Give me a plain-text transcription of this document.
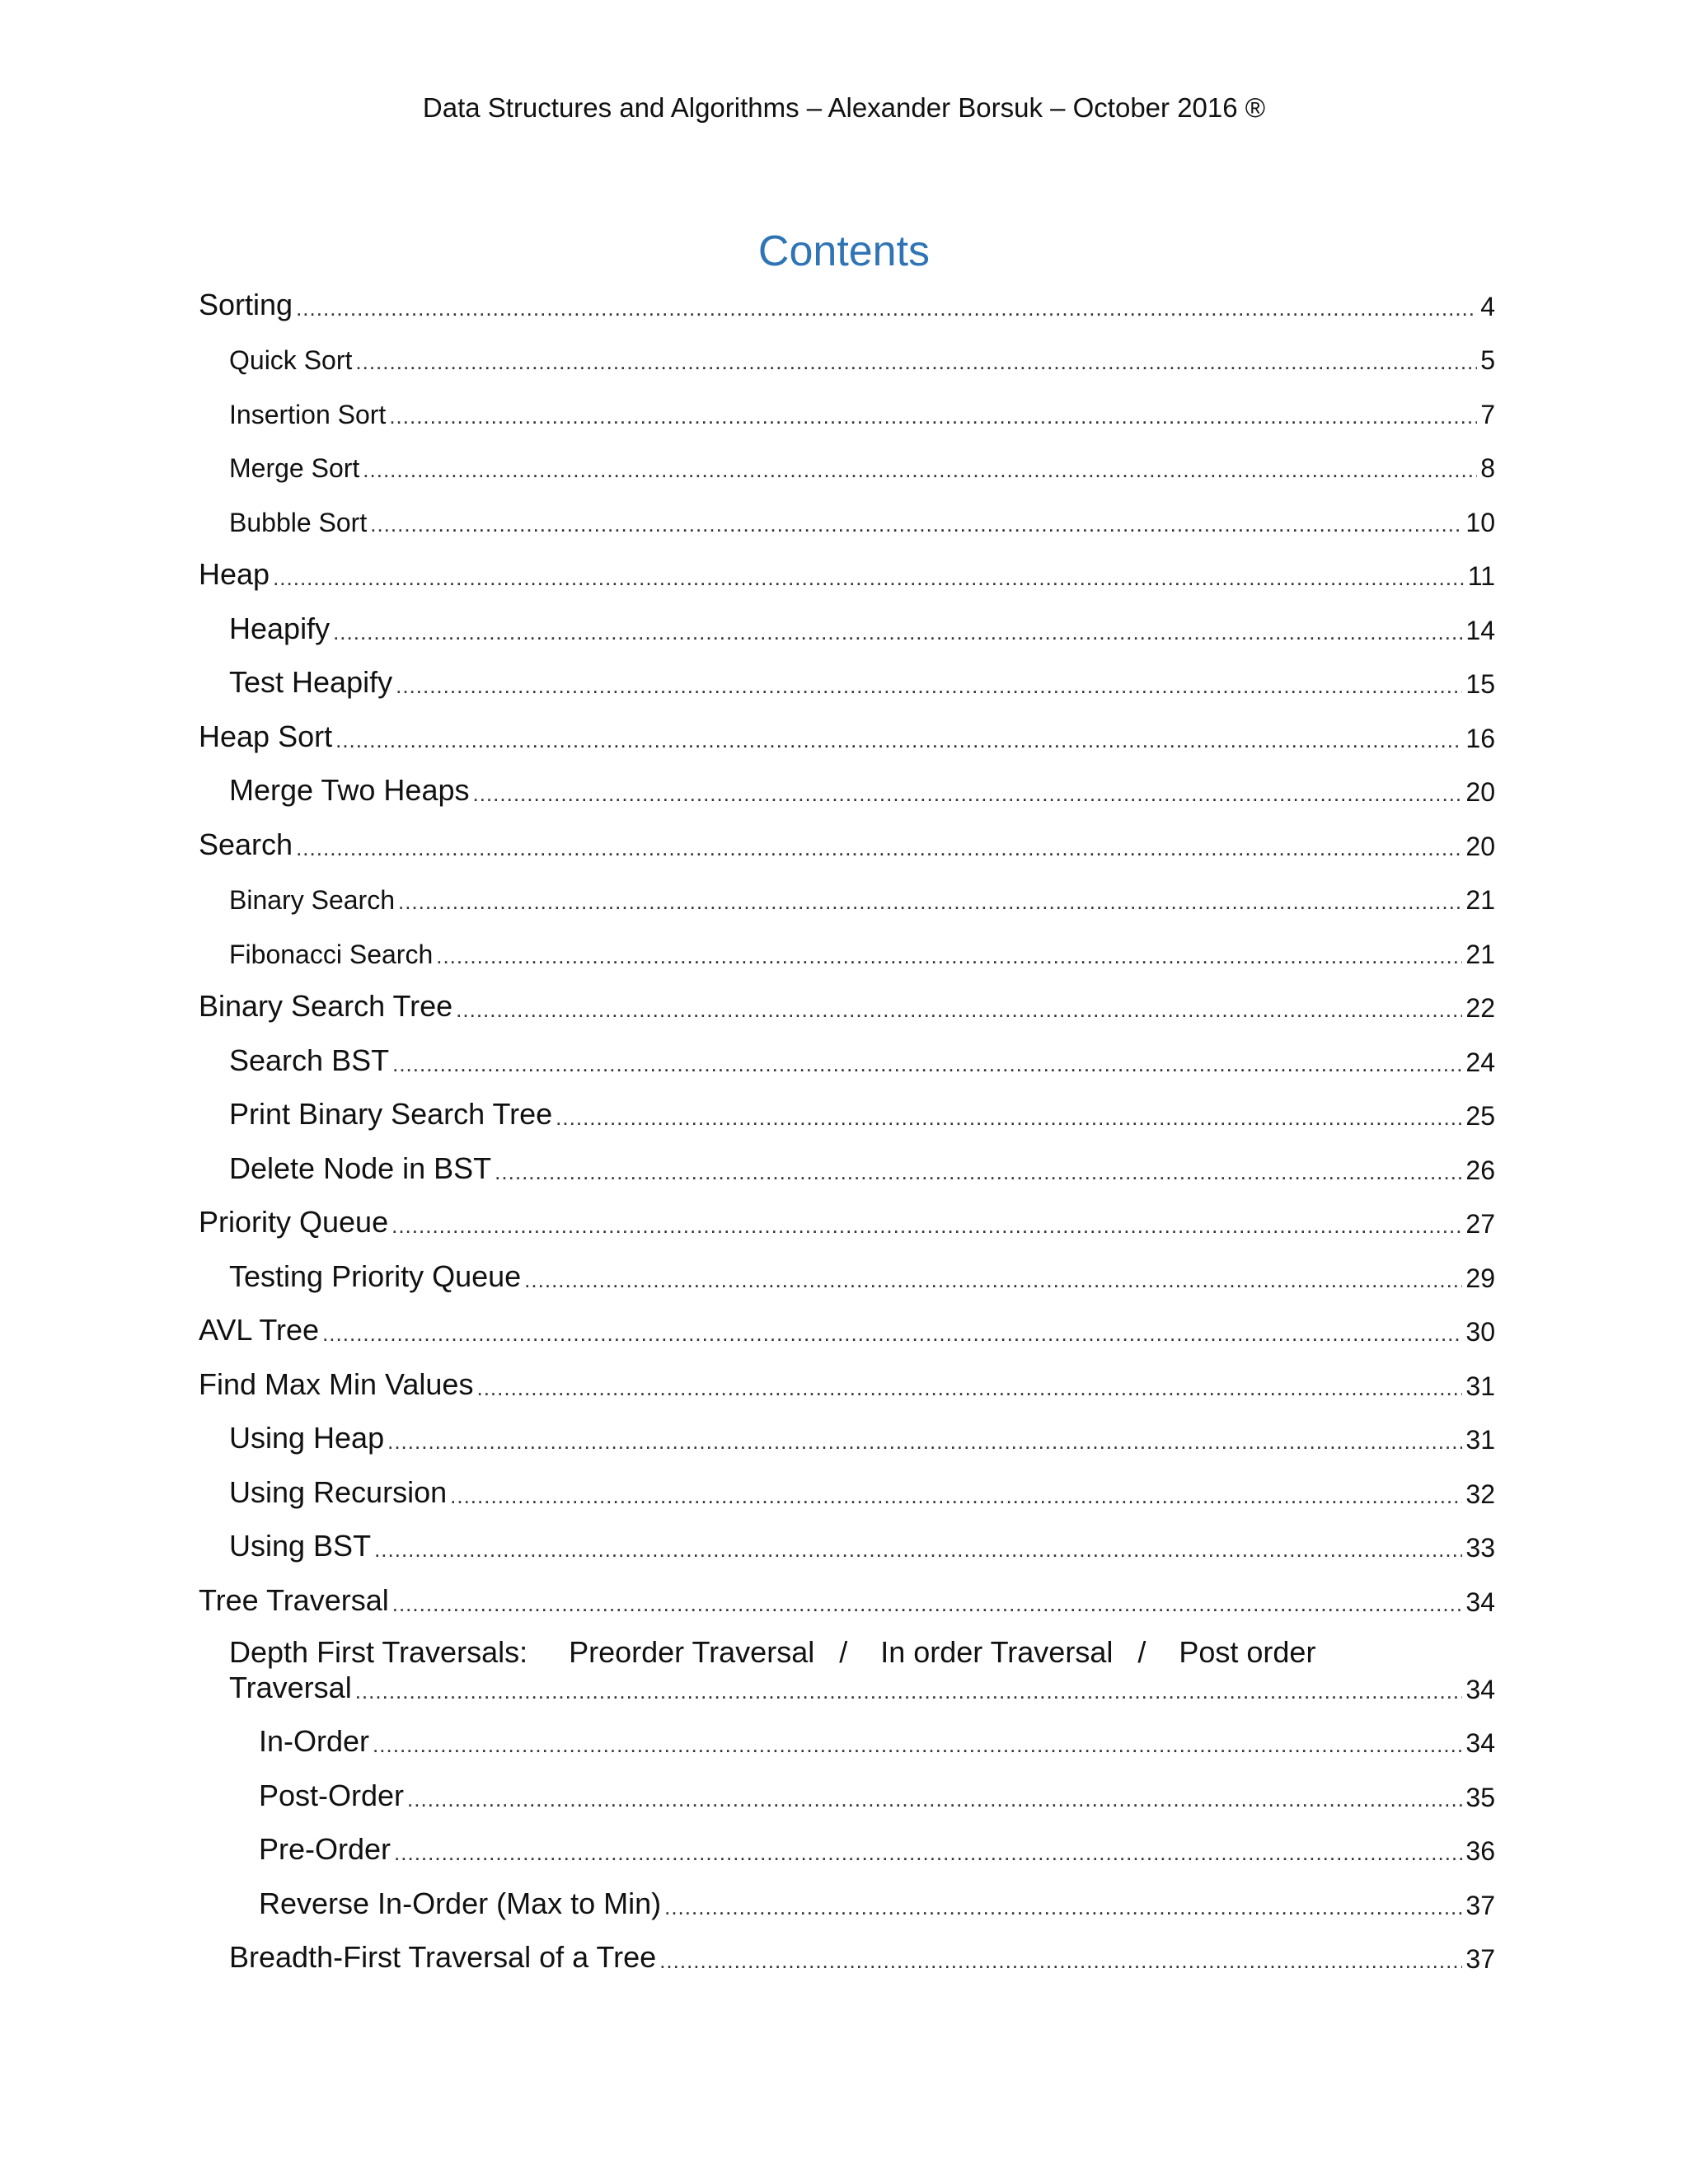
Data Structures and Algorithms – Alexander Borsuk – October 2016 ®
Contents
Sorting .....	4
Quick Sort .....	5
Insertion Sort .....	7
Merge Sort .....	8
Bubble Sort .....	10
Heap .....	11
Heapify .....	14
Test Heapify .....	15
Heap Sort .....	16
Merge Two Heaps .....	20
Search .....	20
Binary Search .....	21
Fibonacci Search .....	21
Binary Search Tree .....	22
Search BST .....	24
Print Binary Search Tree .....	25
Delete Node in BST .....	26
Priority Queue .....	27
Testing Priority Queue .....	29
AVL Tree .....	30
Find Max Min Values .....	31
Using Heap .....	31
Using Recursion .....	32
Using BST .....	33
Tree Traversal .....	34
Depth First Traversals:     Preorder Traversal   /    In order Traversal   /    Post order
Traversal .....	34
In-Order .....	34
Post-Order .....	35
Pre-Order .....	36
Reverse In-Order (Max to Min) .....	37
Breadth-First Traversal of a Tree .....	37
